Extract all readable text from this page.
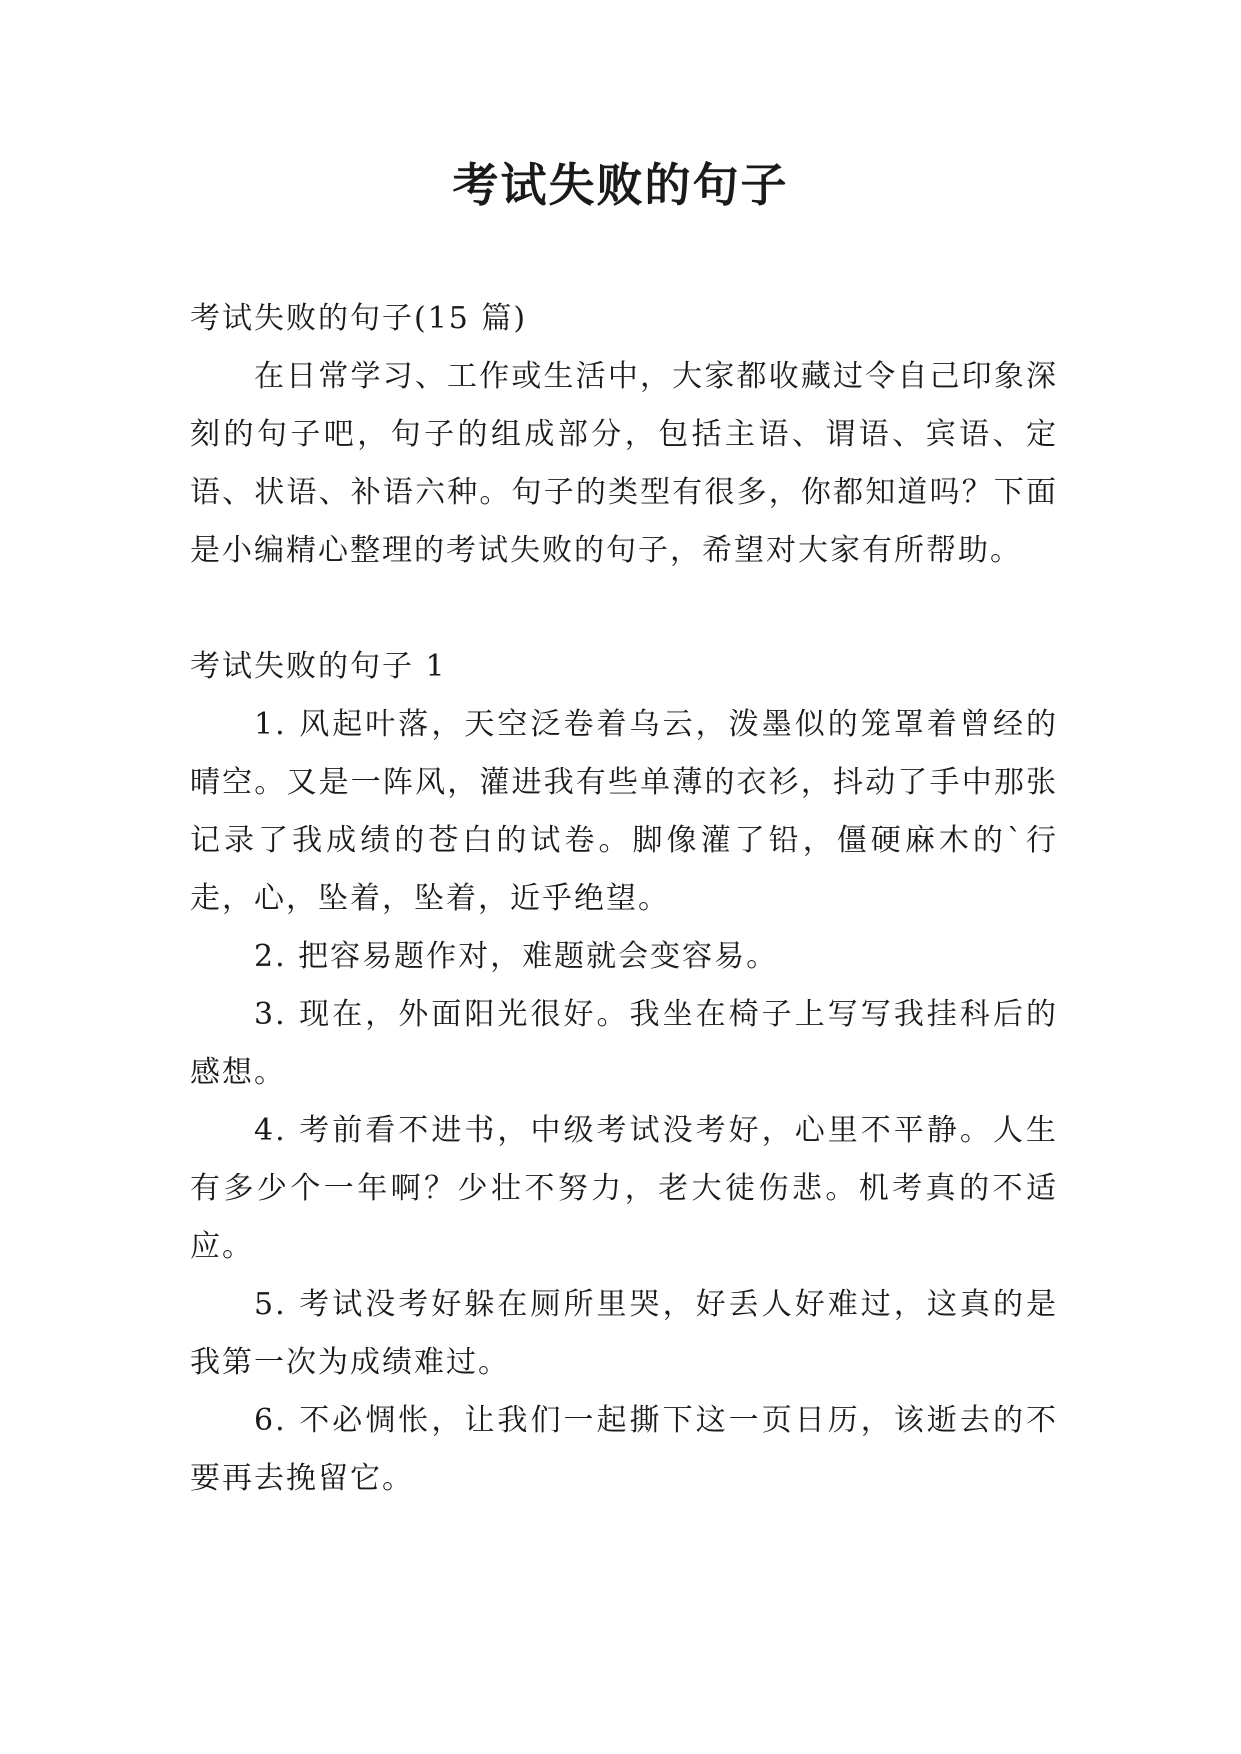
考试失败的句子

考试失败的句子(15 篇)

在日常学习、工作或生活中，大家都收藏过令自己印象深刻的句子吧，句子的组成部分，包括主语、谓语、宾语、定语、状语、补语六种。句子的类型有很多，你都知道吗？下面是小编精心整理的考试失败的句子，希望对大家有所帮助。

考试失败的句子 1

1. 风起叶落，天空泛卷着乌云，泼墨似的笼罩着曾经的晴空。又是一阵风，灌进我有些单薄的衣衫，抖动了手中那张记录了我成绩的苍白的试卷。脚像灌了铅，僵硬麻木的`行走，心，坠着，坠着，近乎绝望。

2. 把容易题作对，难题就会变容易。

3. 现在，外面阳光很好。我坐在椅子上写写我挂科后的感想。

4. 考前看不进书，中级考试没考好，心里不平静。人生有多少个一年啊？少壮不努力，老大徒伤悲。机考真的不适应。

5. 考试没考好躲在厕所里哭，好丢人好难过，这真的是我第一次为成绩难过。

6. 不必惆怅，让我们一起撕下这一页日历，该逝去的不要再去挽留它。
